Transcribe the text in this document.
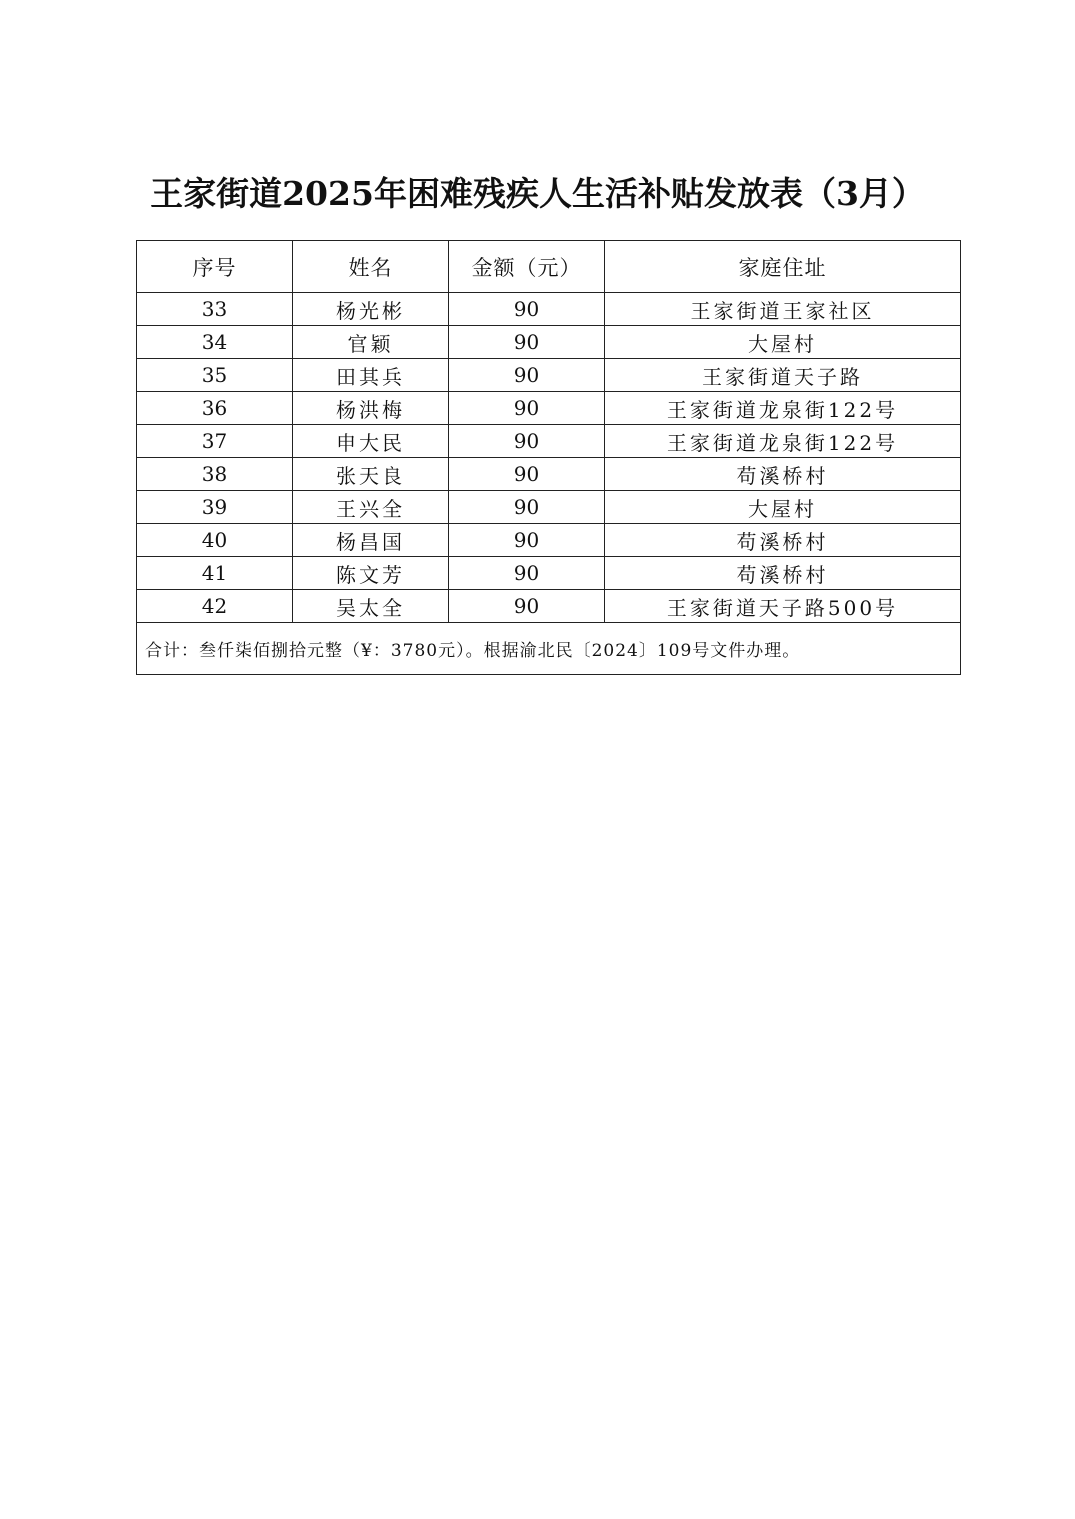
王家街道2025年困难残疾人生活补贴发放表（3月）
序号	姓名	金额（元）	家庭住址
33	杨光彬	90	王家街道王家社区
34	官颖	90	大屋村
35	田其兵	90	王家街道天子路
36	杨洪梅	90	王家街道龙泉街122号
37	申大民	90	王家街道龙泉街122号
38	张天良	90	苟溪桥村
39	王兴全	90	大屋村
40	杨昌国	90	苟溪桥村
41	陈文芳	90	苟溪桥村
42	吴太全	90	王家街道天子路500号
合计：叁仟柒佰捌拾元整（¥：3780元）。根据渝北民〔2024〕109号文件办理。			
